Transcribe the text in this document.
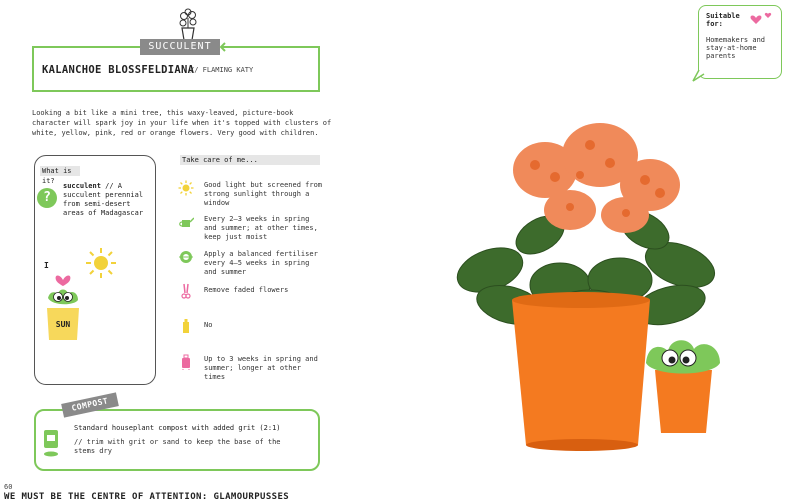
SUCCULENT
KALANCHOE BLOSSFELDIANA
// FLAMING KATY
Looking a bit like a mini tree, this waxy-leaved, picture-book character will spark joy in your life when it's topped with clusters of white, yellow, pink, red or orange flowers. Very good with children.
What is it?
?
succulent // A succulent perennial from semi-desert areas of Madagascar
I
SUN
Take care of me...
Good light but screened from strong sunlight through a window
Every 2–3 weeks in spring and summer; at other times, keep just moist
Apply a balanced fertiliser every 4–5 weeks in spring and summer
Remove faded flowers
No
Up to 3 weeks in spring and summer; longer at other times
COMPOST
Standard houseplant compost with added grit (2:1)
// trim with grit or sand to keep the base of the stems dry
60
WE MUST BE THE CENTRE OF ATTENTION: GLAMOURPUSSES
Suitable for:
Homemakers and stay-at-home parents
